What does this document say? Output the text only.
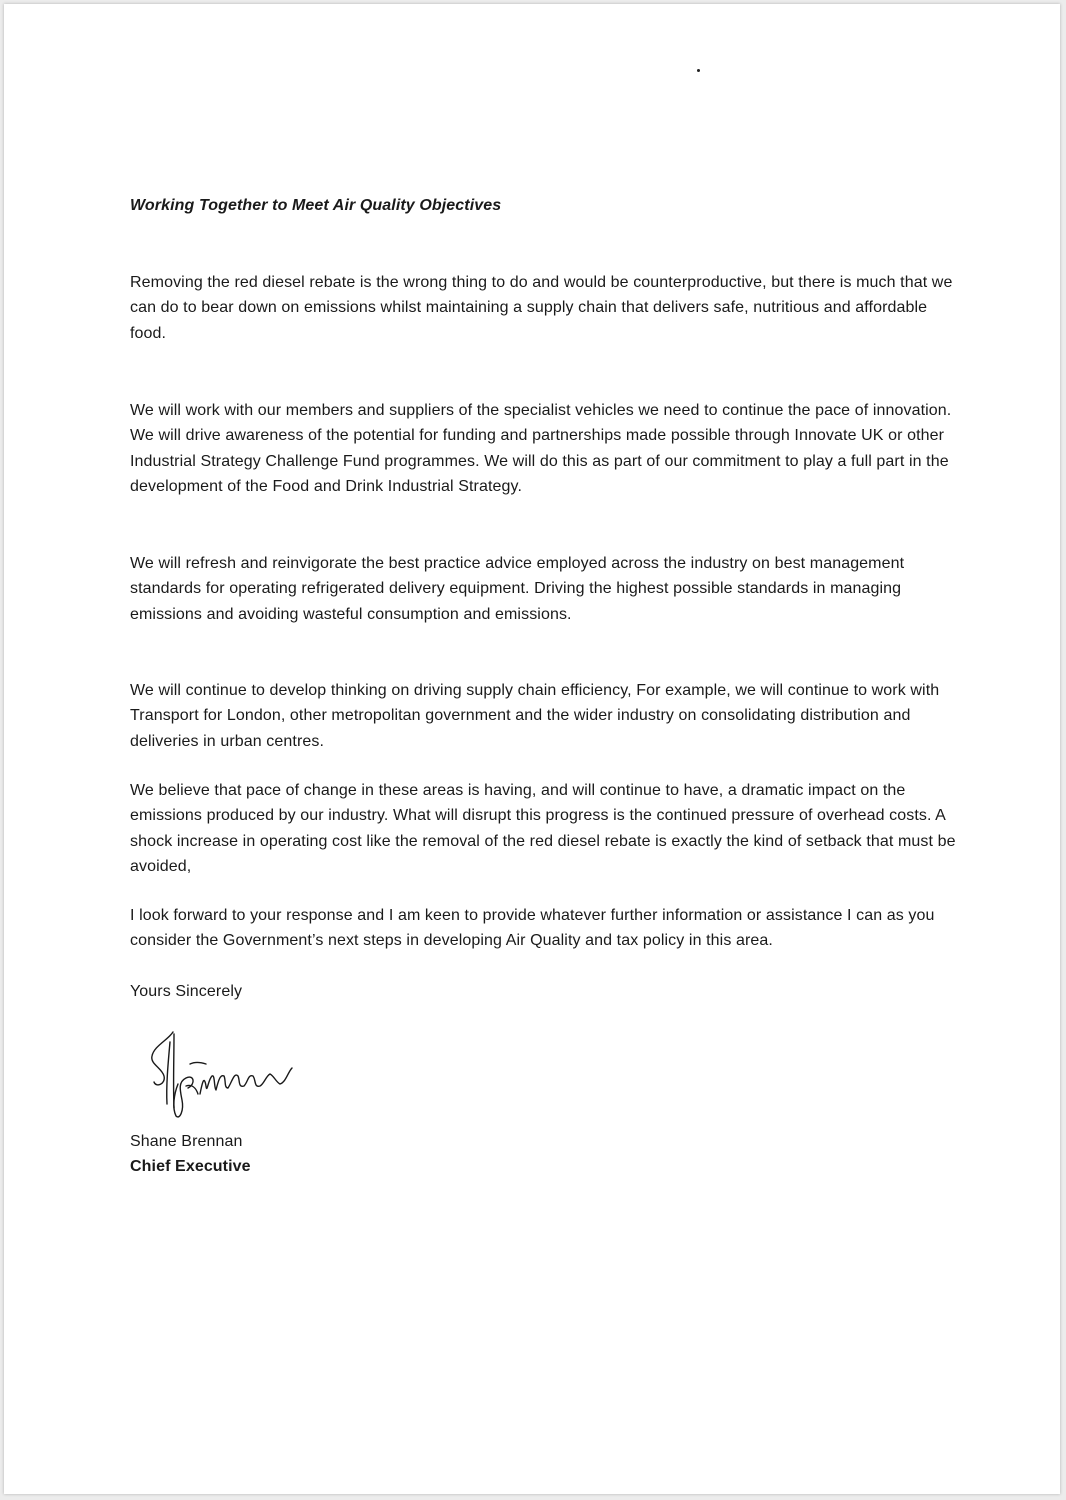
Working Together to Meet Air Quality Objectives

Removing the red diesel rebate is the wrong thing to do and would be counterproductive, but there is much that we can do to bear down on emissions whilst maintaining a supply chain that delivers safe, nutritious and affordable food.

We will work with our members and suppliers of the specialist vehicles we need to continue the pace of innovation. We will drive awareness of the potential for funding and partnerships made possible through Innovate UK or other Industrial Strategy Challenge Fund programmes. We will do this as part of our commitment to play a full part in the development of the Food and Drink Industrial Strategy.

We will refresh and reinvigorate the best practice advice employed across the industry on best management standards for operating refrigerated delivery equipment. Driving the highest possible standards in managing emissions and avoiding wasteful consumption and emissions.

We will continue to develop thinking on driving supply chain efficiency, For example, we will continue to work with Transport for London, other metropolitan government and the wider industry on consolidating distribution and deliveries in urban centres.

We believe that pace of change in these areas is having, and will continue to have, a dramatic impact on the emissions produced by our industry. What will disrupt this progress is the continued pressure of overhead costs. A shock increase in operating cost like the removal of the red diesel rebate is exactly the kind of setback that must be avoided,

I look forward to your response and I am keen to provide whatever further information or assistance I can as you consider the Government’s next steps in developing Air Quality and tax policy in this area.

Yours Sincerely
Shane Brennan
Chief Executive
